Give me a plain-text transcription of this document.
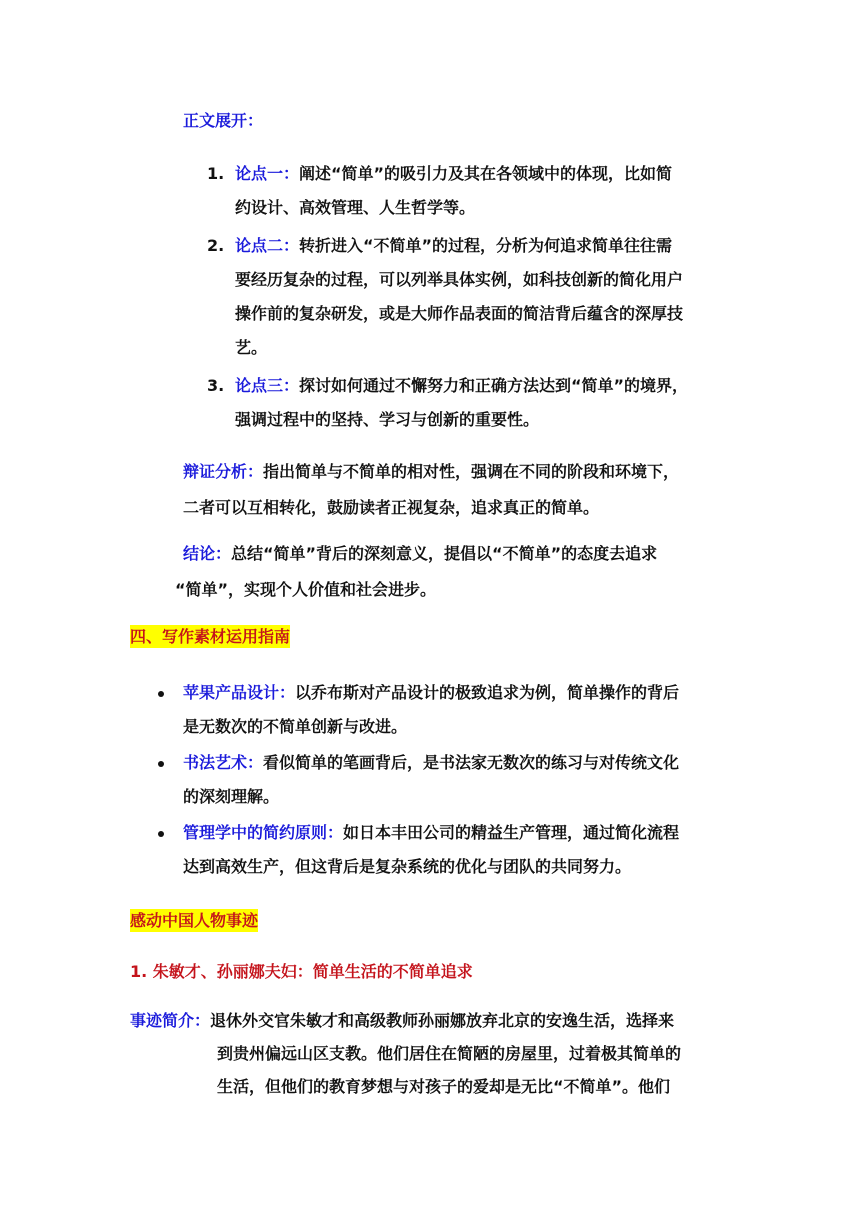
正文展开：
1. 论点一：阐述“简单”的吸引力及其在各领域中的体现，比如简
约设计、高效管理、人生哲学等。
2. 论点二：转折进入“不简单”的过程，分析为何追求简单往往需
要经历复杂的过程，可以列举具体实例，如科技创新的简化用户
操作前的复杂研发，或是大师作品表面的简洁背后蕴含的深厚技
艺。
3. 论点三：探讨如何通过不懈努力和正确方法达到“简单”的境界，
强调过程中的坚持、学习与创新的重要性。
辩证分析：指出简单与不简单的相对性，强调在不同的阶段和环境下，
二者可以互相转化，鼓励读者正视复杂，追求真正的简单。
结论：总结“简单”背后的深刻意义，提倡以“不简单”的态度去追求
“简单”，实现个人价值和社会进步。
四、写作素材运用指南
苹果产品设计：以乔布斯对产品设计的极致追求为例，简单操作的背后
是无数次的不简单创新与改进。
书法艺术：看似简单的笔画背后，是书法家无数次的练习与对传统文化
的深刻理解。
管理学中的简约原则：如日本丰田公司的精益生产管理，通过简化流程
达到高效生产，但这背后是复杂系统的优化与团队的共同努力。
感动中国人物事迹
1. 朱敏才、孙丽娜夫妇：简单生活的不简单追求
事迹简介：退休外交官朱敏才和高级教师孙丽娜放弃北京的安逸生活，选择来
到贵州偏远山区支教。他们居住在简陋的房屋里，过着极其简单的
生活，但他们的教育梦想与对孩子的爱却是无比“不简单”。他们
